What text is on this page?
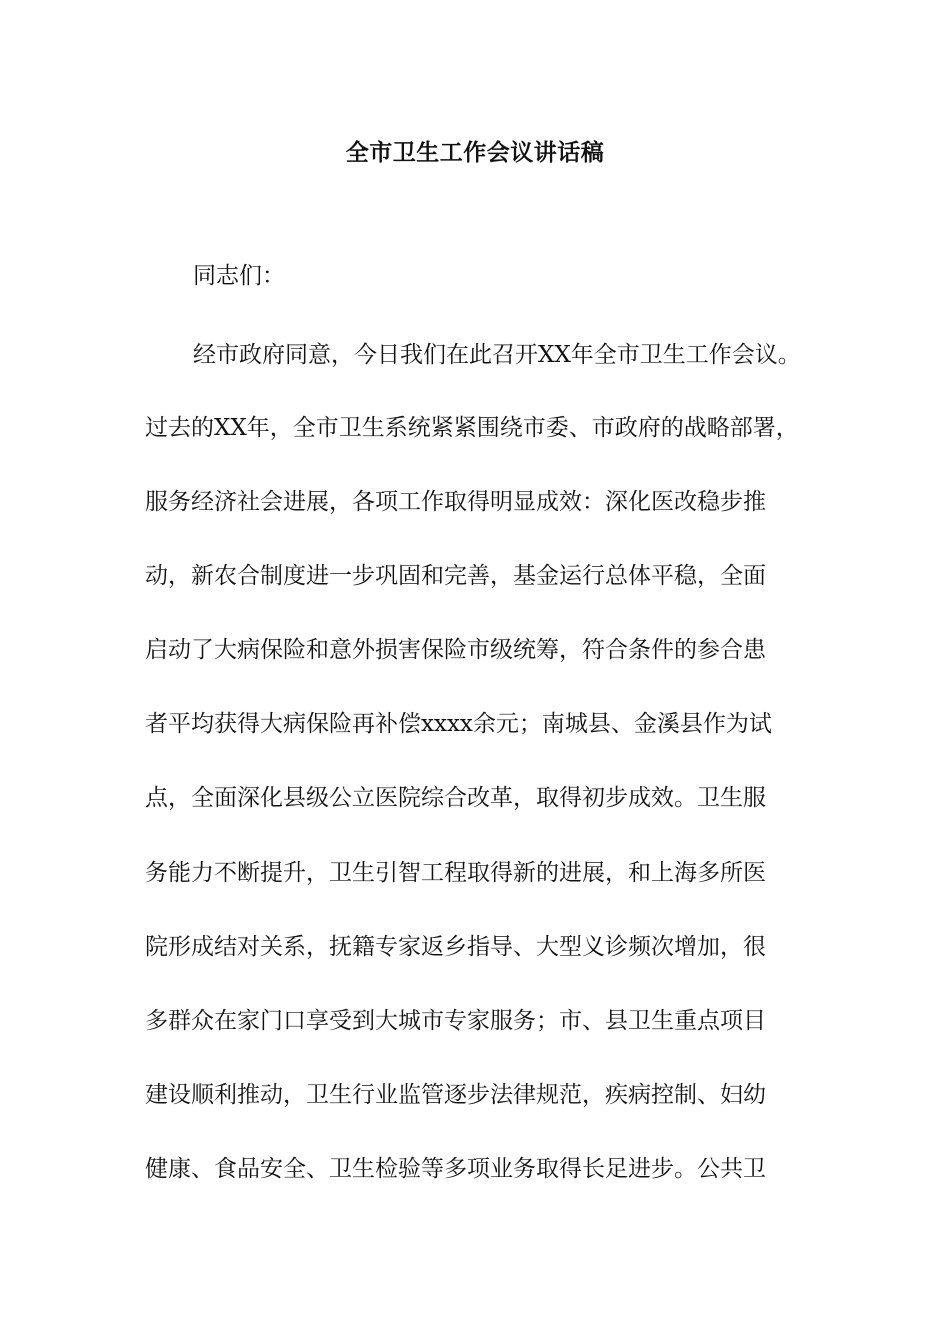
全市卫生工作会议讲话稿
同志们：
经市政府同意，今日我们在此召开XX年全市卫生工作会议。
过去的XX年，全市卫生系统紧紧围绕市委、市政府的战略部署，
服务经济社会进展，各项工作取得明显成效：深化医改稳步推
动，新农合制度进一步巩固和完善，基金运行总体平稳，全面
启动了大病保险和意外损害保险市级统筹，符合条件的参合患
者平均获得大病保险再补偿xxxx余元；南城县、金溪县作为试
点，全面深化县级公立医院综合改革，取得初步成效。卫生服
务能力不断提升，卫生引智工程取得新的进展，和上海多所医
院形成结对关系，抚籍专家返乡指导、大型义诊频次增加，很
多群众在家门口享受到大城市专家服务；市、县卫生重点项目
建设顺利推动，卫生行业监管逐步法律规范，疾病控制、妇幼
健康、食品安全、卫生检验等多项业务取得长足进步。公共卫
